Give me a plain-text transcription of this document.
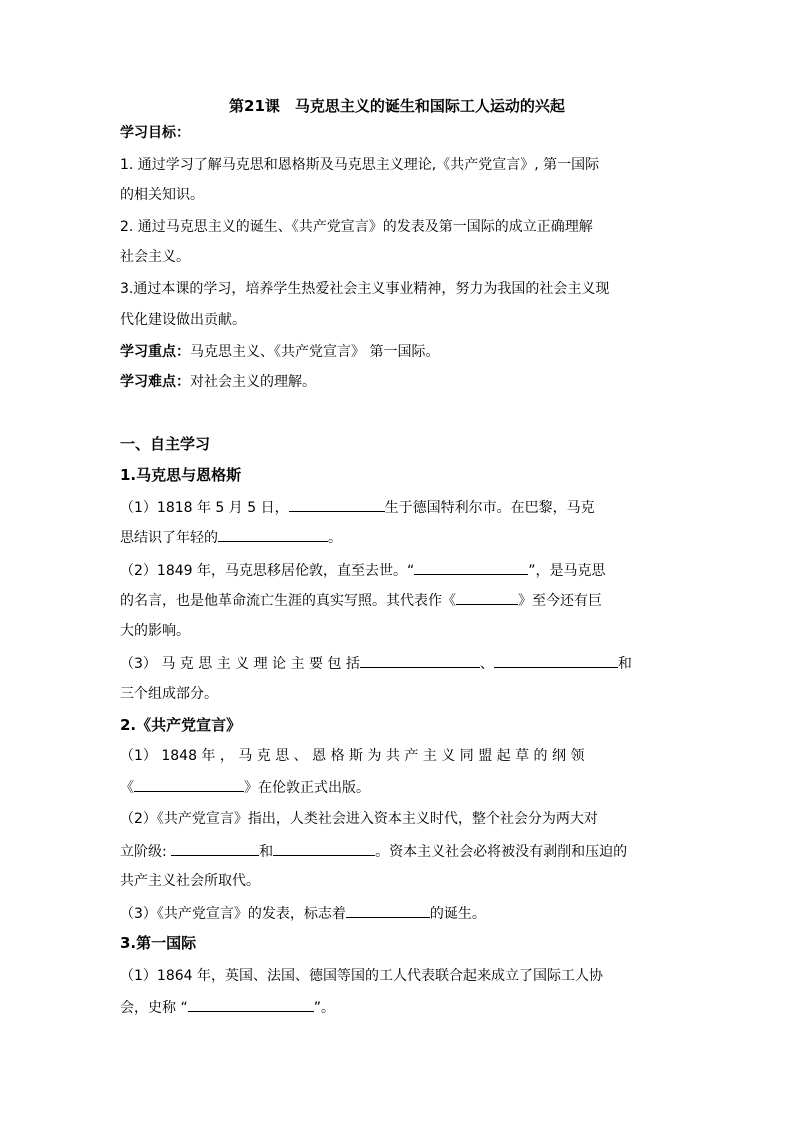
第21课　马克思主义的诞生和国际工人运动的兴起
学习目标：
1. 通过学习了解马克思和恩格斯及马克思主义理论,《共产党宣言》, 第一国际
的相关知识。
2. 通过马克思主义的诞生、《共产党宣言》的发表及第一国际的成立正确理解
社会主义。
3.通过本课的学习，培养学生热爱社会主义事业精神，努力为我国的社会主义现
代化建设做出贡献。
学习重点：马克思主义、《共产党宣言》 第一国际。
学习难点：对社会主义的理解。
一、自主学习
1.马克思与恩格斯
（1）1818 年 5 月 5 日，	生于德国特利尔市。在巴黎，马克
思结识了年轻的	。
（2）1849 年，马克思移居伦敦，直至去世。“	”，是马克思
的名言，也是他革命流亡生涯的真实写照。其代表作《	》至今还有巨
大的影响。
（3） 马 克 思 主 义 理 论 主 要 包 括	、	和
三个组成部分。
2.《共产党宣言》
（1） 1848 年 ， 马 克 思 、 恩 格 斯 为 共 产 主 义 同 盟 起 草 的 纲 领
《	》在伦敦正式出版。
（2）《共产党宣言》指出，人类社会进入资本主义时代，整个社会分为两大对
立阶级:	和	。资本主义社会必将被没有剥削和压迫的
共产主义社会所取代。
（3）《共产党宣言》的发表，标志着	的诞生。
3.第一国际
（1）1864 年，英国、法国、德国等国的工人代表联合起来成立了国际工人协
会，史称 “	”。
